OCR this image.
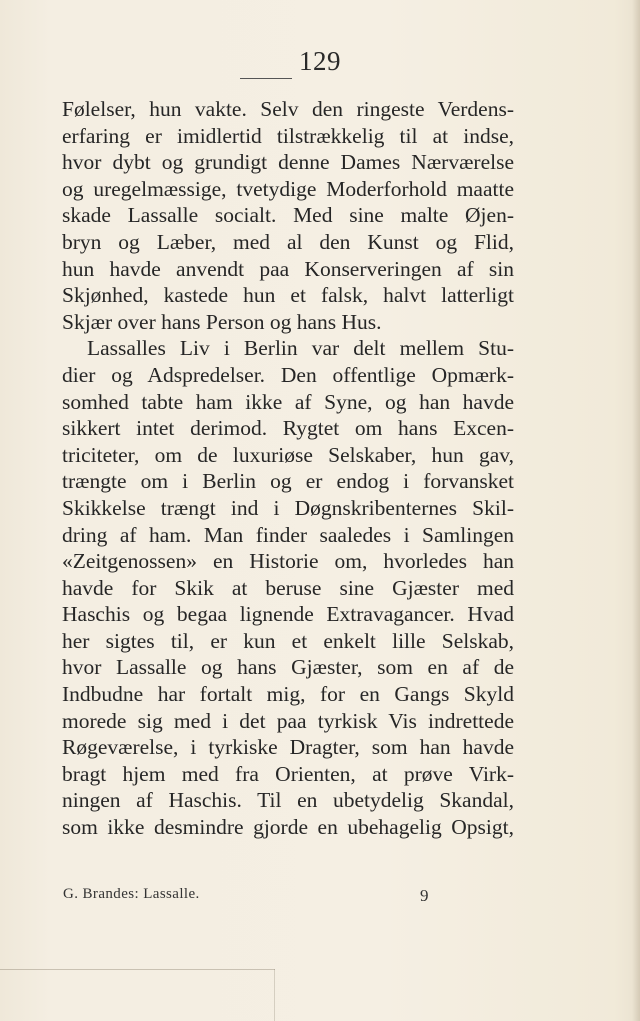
129
Følelser, hun vakte. Selv den ringeste Verdens-
erfaring er imidlertid tilstrækkelig til at indse,
hvor dybt og grundigt denne Dames Nærværelse
og uregelmæssige, tvetydige Moderforhold maatte
skade Lassalle socialt. Med sine malte Øjen-
bryn og Læber, med al den Kunst og Flid,
hun havde anvendt paa Konserveringen af sin
Skjønhed, kastede hun et falsk, halvt latterligt
Skjær over hans Person og hans Hus.
Lassalles Liv i Berlin var delt mellem Stu-
dier og Adspredelser. Den offentlige Opmærk-
somhed tabte ham ikke af Syne, og han havde
sikkert intet derimod. Rygtet om hans Excen-
triciteter, om de luxuriøse Selskaber, hun gav,
trængte om i Berlin og er endog i forvansket
Skikkelse trængt ind i Døgnskribenternes Skil-
dring af ham. Man finder saaledes i Samlingen
«Zeitgenossen» en Historie om, hvorledes han
havde for Skik at beruse sine Gjæster med
Haschis og begaa lignende Extravagancer. Hvad
her sigtes til, er kun et enkelt lille Selskab,
hvor Lassalle og hans Gjæster, som en af de
Indbudne har fortalt mig, for en Gangs Skyld
morede sig med i det paa tyrkisk Vis indrettede
Røgeværelse, i tyrkiske Dragter, som han havde
bragt hjem med fra Orienten, at prøve Virk-
ningen af Haschis. Til en ubetydelig Skandal,
som ikke desmindre gjorde en ubehagelig Opsigt,
G. Brandes: Lassalle.	9
